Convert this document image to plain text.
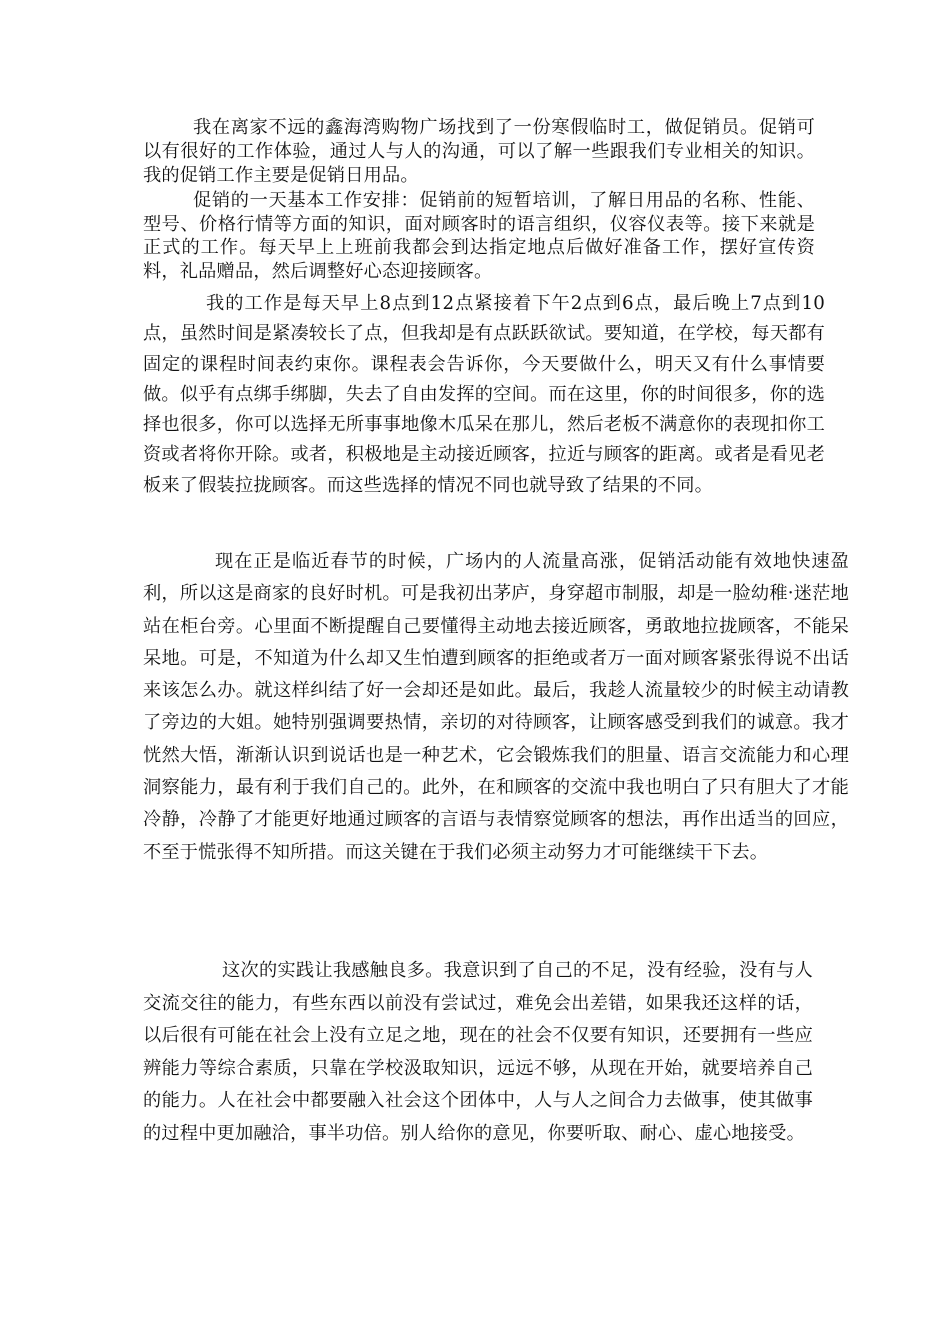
我在离家不远的鑫海湾购物广场找到了一份寒假临时工，做促销员。促销可以有很好的工作体验，通过人与人的沟通，可以了解一些跟我们专业相关的知识。我的促销工作主要是促销日用品。

促销的一天基本工作安排：促销前的短暂培训，了解日用品的名称、性能、型号、价格行情等方面的知识，面对顾客时的语言组织，仪容仪表等。接下来就是正式的工作。每天早上上班前我都会到达指定地点后做好准备工作，摆好宣传资料，礼品赠品，然后调整好心态迎接顾客。

我的工作是每天早上8点到12点紧接着下午2点到6点，最后晚上7点到10点，虽然时间是紧凑较长了点，但我却是有点跃跃欲试。要知道，在学校，每天都有固定的课程时间表约束你。课程表会告诉你，今天要做什么，明天又有什么事情要做。似乎有点绑手绑脚，失去了自由发挥的空间。而在这里，你的时间很多，你的选择也很多，你可以选择无所事事地像木瓜呆在那儿，然后老板不满意你的表现扣你工资或者将你开除。或者，积极地是主动接近顾客，拉近与顾客的距离。或者是看见老板来了假装拉拢顾客。而这些选择的情况不同也就导致了结果的不同。

现在正是临近春节的时候，广场内的人流量高涨，促销活动能有效地快速盈利，所以这是商家的良好时机。可是我初出茅庐，身穿超市制服，却是一脸幼稚·迷茫地站在柜台旁。心里面不断提醒自己要懂得主动地去接近顾客，勇敢地拉拢顾客，不能呆呆地。可是，不知道为什么却又生怕遭到顾客的拒绝或者万一面对顾客紧张得说不出话来该怎么办。就这样纠结了好一会却还是如此。最后，我趁人流量较少的时候主动请教了旁边的大姐。她特别强调要热情，亲切的对待顾客，让顾客感受到我们的诚意。我才恍然大悟，渐渐认识到说话也是一种艺术，它会锻炼我们的胆量、语言交流能力和心理洞察能力，最有利于我们自己的。此外，在和顾客的交流中我也明白了只有胆大了才能冷静，冷静了才能更好地通过顾客的言语与表情察觉顾客的想法，再作出适当的回应，不至于慌张得不知所措。而这关键在于我们必须主动努力才可能继续干下去。

这次的实践让我感触良多。我意识到了自己的不足，没有经验，没有与人交流交往的能力，有些东西以前没有尝试过，难免会出差错，如果我还这样的话，以后很有可能在社会上没有立足之地，现在的社会不仅要有知识，还要拥有一些应辨能力等综合素质，只靠在学校汲取知识，远远不够，从现在开始，就要培养自己的能力。人在社会中都要融入社会这个团体中，人与人之间合力去做事，使其做事的过程中更加融洽，事半功倍。别人给你的意见，你要听取、耐心、虚心地接受。
